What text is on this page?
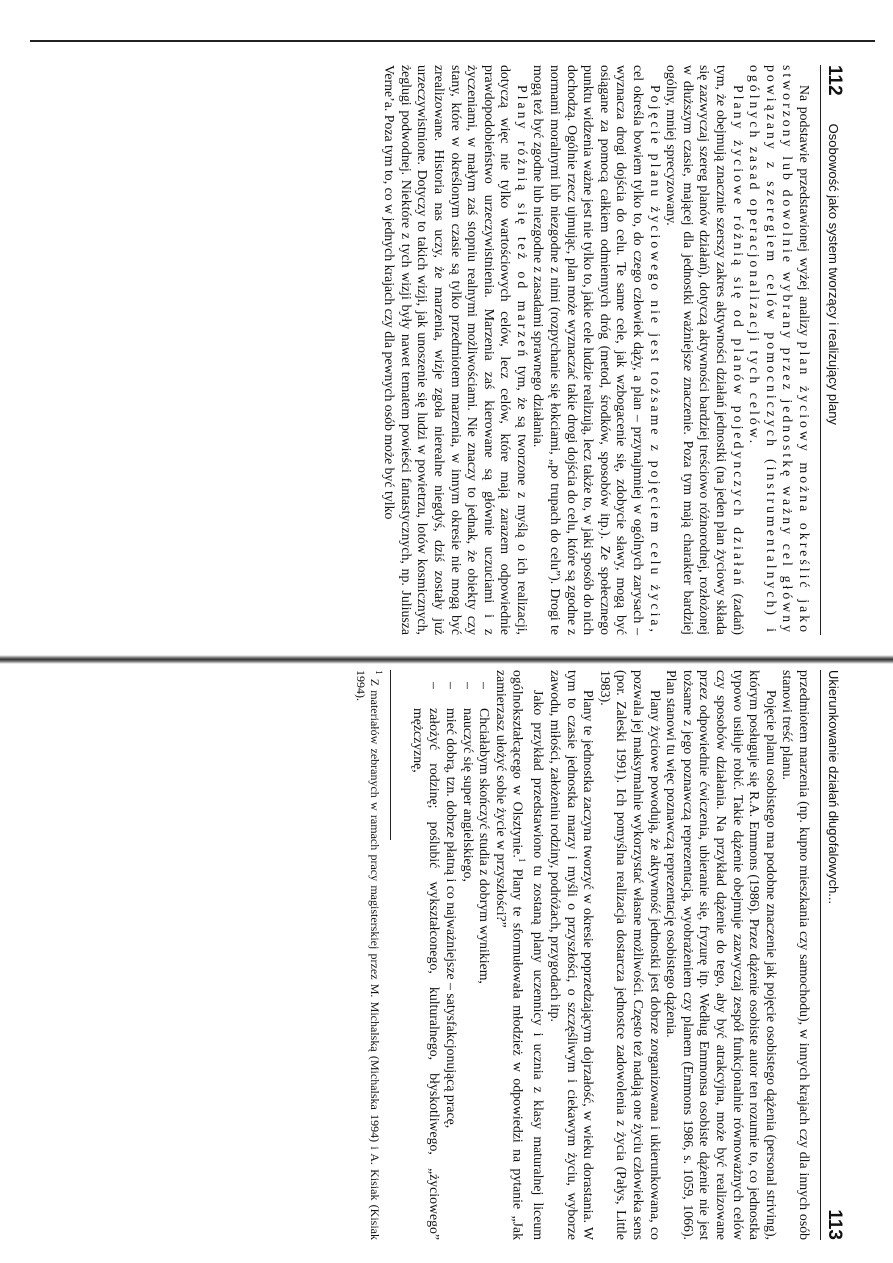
112
Osobowość jako system tworzący i realizujący plany

Na podstawie przedstawionej wyżej analizy plan życiowy można określić jako stworzony lub dowolnie wybrany przez jednostkę ważny cel główny powiązany z szeregiem celów pomocniczych (instrumentalnych) i ogólnych zasad operacjonalizacji tych celów.

Plany życiowe różnią się od planów pojedynczych działań (zadań) tym, że obejmują znacznie szerszy zakres aktywności działań jednostki (na jeden plan życiowy składa się zazwyczaj szereg planów działań), dotyczą aktywności bardziej treściowo różnorodnej, rozłożonej w dłuższym czasie, mającej dla jednostki ważniejsze znaczenie. Poza tym mają charakter bardziej ogólny, mniej sprecyzowany.

Pojęcie planu życiowego nie jest tożsame z pojęciem celu życia, cel określa bowiem tylko to, do czego człowiek dąży, a plan – przynajmniej w ogólnych zarysach – wyznacza drogi dojścia do celu. Te same cele, jak wzbogacenie się, zdobycie sławy, mogą być osiągane za pomocą całkiem odmiennych dróg (metod, środków, sposobów itp.). Ze społecznego punktu widzenia ważne jest nie tylko to, jakie cele ludzie realizują, lecz także to, w jaki sposób do nich dochodzą. Ogólnie rzecz ujmując, plan może wyznaczać takie drogi dojścia do celu, które są zgodne z normami moralnymi lub niezgodne z nimi (rozpychanie się łokciami, „po trupach do celu”). Drogi te mogą też być zgodne lub niezgodne z zasadami sprawnego działania.

Plany różnią się też od marzeń tym, że są tworzone z myślą o ich realizacji, dotyczą więc nie tylko wartościowych celów, lecz celów, które mają zarazem odpowiednie prawdopodobieństwo urzeczywistnienia. Marzenia zaś kierowane są głównie uczuciami i z życzeniami, w małym zaś stopniu realnymi możliwościami. Nie znaczy to jednak, że obiekty czy stany, które w określonym czasie są tylko przedmiotem marzenia, w innym okresie nie mogą być zrealizowane. Historia nas uczy, że marzenia, wizje zgoła nierealne niegdyś, dziś zostały już urzeczywistnione. Dotyczy to takich wizji, jak unoszenie się ludzi w powietrzu, lotów kosmicznych, żeglugi podwodnej. Niektóre z tych wizji były nawet tematem powieści fantastycznych, np. Juliusza Verne’a. Poza tym to, co w jednych krajach czy dla pewnych osób może być tylko

Ukierunkowanie działań długofalowych...
113

przedmiotem marzenia (np. kupno mieszkania czy samochodu), w innych krajach czy dla innych osób stanowi treść planu.

Pojęcie planu osobistego ma podobne znaczenie jak pojęcie osobistego dążenia (personal striving), którym posługuje się R.A. Emmons (1986). Przez dążenie osobiste autor ten rozumie to, co jednostka typowo usiłuje robić. Takie dążenie obejmuje zazwyczaj zespół funkcjonalnie równoważnych celów czy sposobów działania. Na przykład dążenie do tego, aby być atrakcyjna, może być realizowane przez odpowiednie ćwiczenia, ubieranie się, fryzurę itp. Według Emmonsa osobiste dążenie nie jest tożsame z jego poznawczą reprezentacją, wyobrażeniem czy planem (Emmons 1986, s. 1059, 1066). Plan stanowi tu więc poznawczą reprezentację osobistego dążenia.

Plany życiowe powodują, że aktywność jednostki jest dobrze zorganizowana i ukierunkowana, co pozwala jej maksymalnie wykorzystać własne możliwości. Często też nadają one życiu człowieka sens (por. Zaleski 1991). Ich pomyślna realizacja dostarcza jednostce zadowolenia z życia (Pałys, Little 1983).

Plany te jednostka zaczyna tworzyć w okresie poprzedzającym dojrzałość, w wieku dorastania. W tym to czasie jednostka marzy i myśli o przyszłości, o szczęśliwym i ciekawym życiu, wyborze zawodu, miłości, założeniu rodziny, podróżach, przygodach itp.

Jako przykład przedstawiono tu zostaną plany uczennicy i ucznia z klasy maturalnej liceum ogólnokształcącego w Olsztynie.$^1$ Plany te sformułowała młodzież w odpowiedzi na pytanie „Jak zamierzasz ułożyć sobie życie w przyszłości?”

– Chciałabym skończyć studia z dobrym wynikiem,
– nauczyć się super angielskiego,
– mieć dobrą, tzn. dobrze płatną i co najważniejsze – satysfakcjonującą pracę,
– założyć rodzinę; poślubić wykształconego, kulturalnego, błyskotliwego, „życiowego” mężczyznę,
$^1$ Z materiałów zebranych w ramach pracy magisterskiej przez M. Michalską (Michalska 1994) i A. Kisiak (Kisiak 1994).
